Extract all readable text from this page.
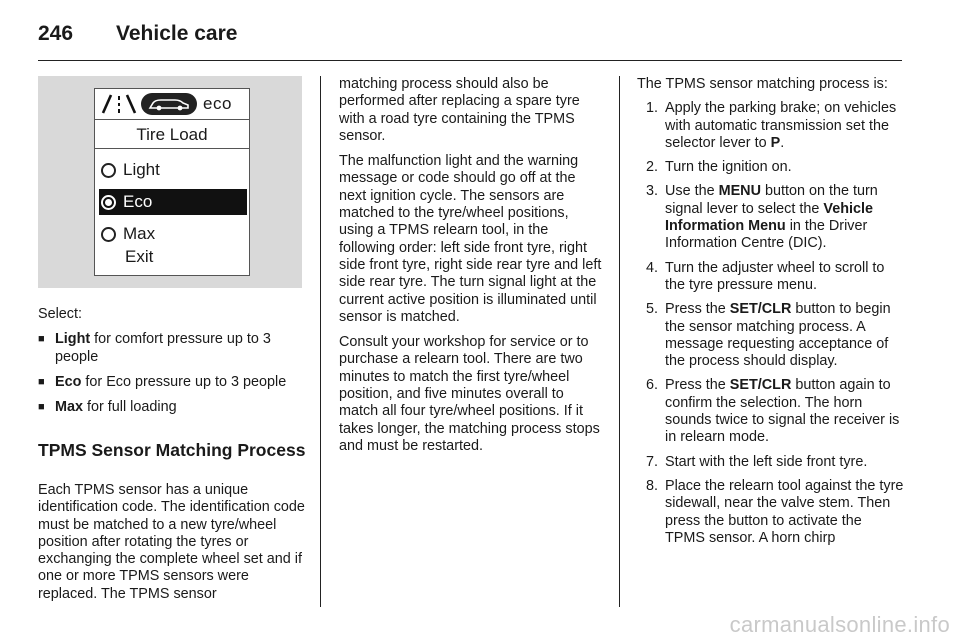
246	Vehicle care
eco
Tire Load
Light
Eco
Max
Exit

Select:

■ Light for comfort pressure up to 3 people
■ Eco for Eco pressure up to 3 people
■ Max for full loading
TPMS Sensor Matching Process

Each TPMS sensor has a unique identification code. The identification code must be matched to a new tyre/wheel position after rotating the tyres or exchanging the complete wheel set and if one or more TPMS sensors were replaced. The TPMS sensor

matching process should also be performed after replacing a spare tyre with a road tyre containing the TPMS sensor.

The malfunction light and the warning message or code should go off at the next ignition cycle. The sensors are matched to the tyre/wheel positions, using a TPMS relearn tool, in the following order: left side front tyre, right side front tyre, right side rear tyre and left side rear tyre. The turn signal light at the current active position is illuminated until sensor is matched.

Consult your workshop for service or to purchase a relearn tool. There are two minutes to match the first tyre/wheel position, and five minutes overall to match all four tyre/wheel positions. If it takes longer, the matching process stops and must be restarted.

The TPMS sensor matching process is:

1. Apply the parking brake; on vehicles with automatic transmission set the selector lever to P.
2. Turn the ignition on.
3. Use the MENU button on the turn signal lever to select the Vehicle Information Menu in the Driver Information Centre (DIC).
4. Turn the adjuster wheel to scroll to the tyre pressure menu.
5. Press the SET/CLR button to begin the sensor matching process. A message requesting acceptance of the process should display.
6. Press the SET/CLR button again to confirm the selection. The horn sounds twice to signal the receiver is in relearn mode.
7. Start with the left side front tyre.
8. Place the relearn tool against the tyre sidewall, near the valve stem. Then press the button to activate the TPMS sensor. A horn chirp
carmanualsonline.info
